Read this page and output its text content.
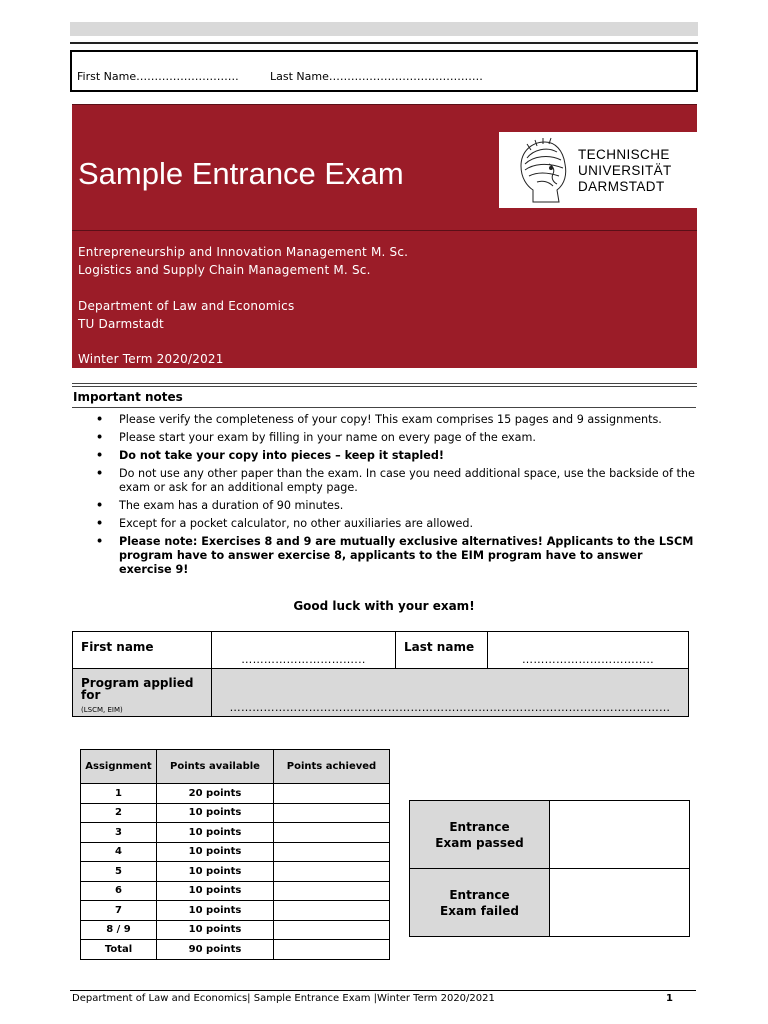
First Name……………………….	Last Name……………………………………
Sample Entrance Exam
TECHNISCHE
UNIVERSITÄT
DARMSTADT
Entrepreneurship and Innovation Management M. Sc.
Logistics and Supply Chain Management M. Sc.
Department of Law and Economics
TU Darmstadt
Winter Term 2020/2021
Important notes
• Please verify the completeness of your copy! This exam comprises 15 pages and 9 assignments.
• Please start your exam by filling in your name on every page of the exam.
• Do not take your copy into pieces – keep it stapled!
• Do not use any other paper than the exam. In case you need additional space, use the backside of the exam or ask for an additional empty page.
• The exam has a duration of 90 minutes.
• Except for a pocket calculator, no other auxiliaries are allowed.
• Please note: Exercises 8 and 9 are mutually exclusive alternatives! Applicants to the LSCM program have to answer exercise 8, applicants to the EIM program have to answer exercise 9!
Good luck with your exam!
First name	…………………………...	Last name	……………………………..

Program applied for
(LSCM, EIM)	………………………………………………………………………………………………………		
Assignment	Points available	Points achieved
1	20 points	
2	10 points	
3	10 points	
4	10 points	
5	10 points	
6	10 points	
7	10 points	
8 / 9	10 points	
Total	90 points	
Entrance Exam passed	
Entrance Exam failed	
Department of Law and Economics| Sample Entrance Exam |Winter Term 2020/2021	1
